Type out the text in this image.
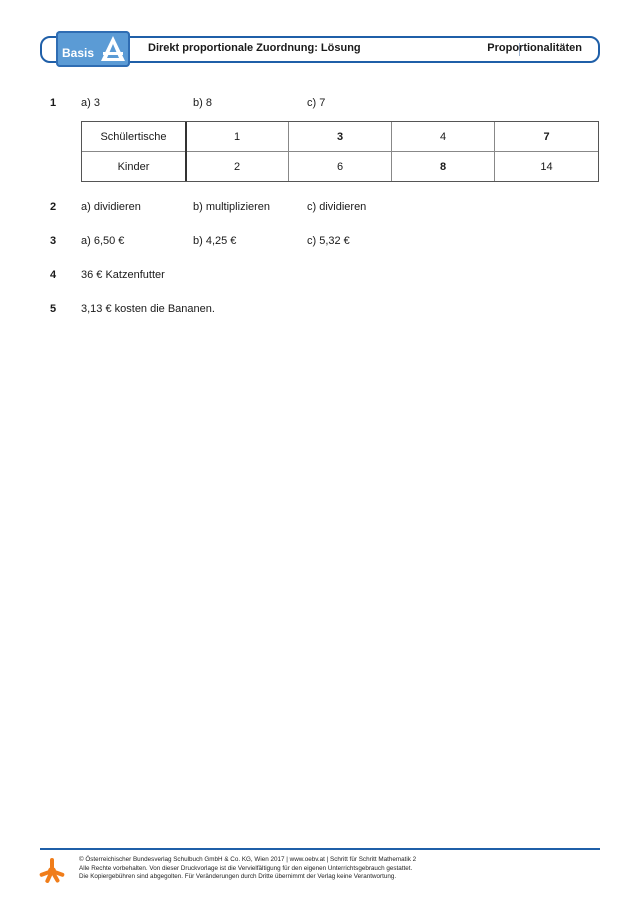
Direkt proportionale Zuordnung: Lösung	Proportionalitäten
Basis
1 a) 3	b) 8	c) 7
Schülertische	1	3	4	7
Kinder	2	6	8	14
2 a) dividieren	b) multiplizieren	c) dividieren
3 a) 6,50 €	b) 4,25 €	c) 5,32 €
4 36 € Katzenfutter
5 3,13 € kosten die Bananen.
© Österreichischer Bundesverlag Schulbuch GmbH & Co. KG, Wien 2017 | www.oebv.at | Schritt für Schritt Mathematik 2
Alle Rechte vorbehalten. Von dieser Druckvorlage ist die Vervielfältigung für den eigenen Unterrichtsgebrauch gestattet.
Die Kopiergebühren sind abgegolten. Für Veränderungen durch Dritte übernimmt der Verlag keine Verantwortung.
